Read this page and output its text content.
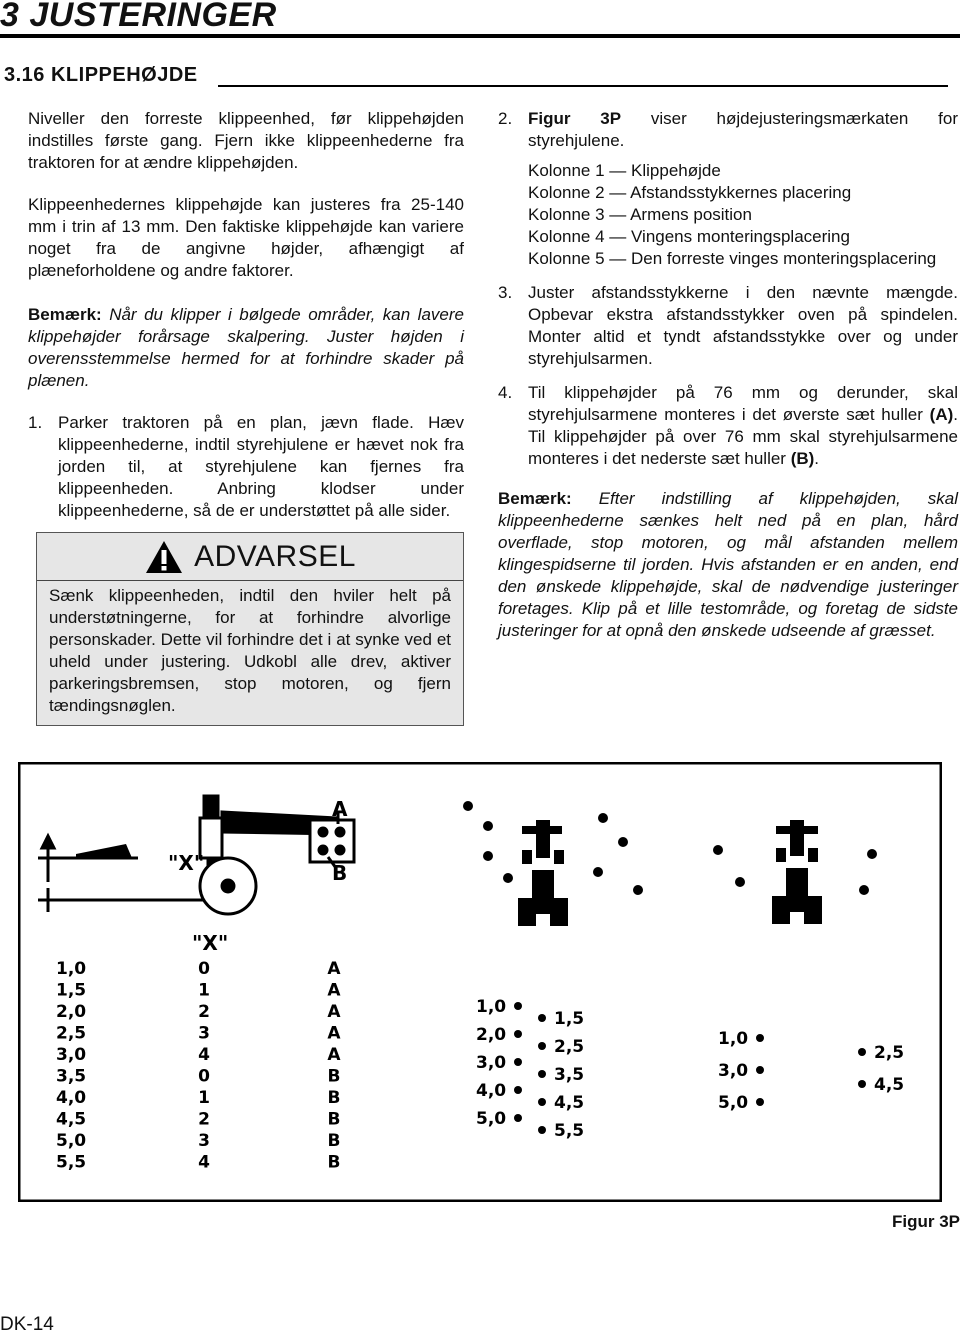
3 JUSTERINGER
3.16 KLIPPEHØJDE

Niveller den forreste klippeenhed, før klippehøjden indstilles første gang. Fjern ikke klippeenhederne fra traktoren for at ændre klippehøjden.

Klippeenhedernes klippehøjde kan justeres fra 25-140 mm i trin af 13 mm. Den faktiske klippehøjde kan variere noget fra de angivne højder, afhængigt af plæneforholdene og andre faktorer.

Bemærk: Når du klipper i bølgede områder, kan lavere klippehøjder forårsage skalpering. Juster højden i overensstemmelse hermed for at forhindre skader på plænen.

1. Parker traktoren på en plan, jævn flade. Hæv klippeenhederne, indtil styrehjulene er hævet nok fra jorden til, at styrehjulene kan fjernes fra klippeenheden. Anbring klodser under klippeenhederne, så de er understøttet på alle sider.
ADVARSEL
Sænk klippeenheden, indtil den hviler helt på understøtningerne, for at forhindre alvorlige personskader. Dette vil forhindre det i at synke ved et uheld under justering. Udkobl alle drev, aktiver parkeringsbremsen, stop motoren, og fjern tændingsnøglen.
2. Figur 3P viser højdejusteringsmærkaten for styrehjulene.
Kolonne 1 — Klippehøjde
Kolonne 2 — Afstandsstykkernes placering
Kolonne 3 — Armens position
Kolonne 4 — Vingens monteringsplacering
Kolonne 5 — Den forreste vinges monteringsplacering
3. Juster afstandsstykkerne i den nævnte mængde. Opbevar ekstra afstandsstykker oven på spindelen. Monter altid et tyndt afstandsstykke over og under styrehjulsarmen.
4. Til klippehøjder på 76 mm og derunder, skal styrehjulsarmene monteres i det øverste sæt huller (A). Til klippehøjder på over 76 mm skal styrehjulsarmene monteres i det nederste sæt huller (B).

Bemærk: Efter indstilling af klippehøjden, skal klippeenhederne sænkes helt ned på en plan, hård overflade, stop motoren, og mål afstanden mellem klingespidserne til jorden. Hvis afstanden er en anden, end den ønskede klippehøjde, skal de nødvendige justeringer foretages. Klip på et lille testområde, og foretag de sidste justeringer for at opnå den ønskede udseende af græsset.

A
B
"X"
"X"
1,0	0	A
1,5	1	A
2,0	2	A
2,5	3	A
3,0	4	A
3,5	0	B
4,0	1	B
4,5	2	B
5,0	3	B
5,5	4	B
1,0
2,0
3,0
4,0
5,0
1,5
2,5
3,5
4,5
5,5
1,0
3,0
5,0
2,5
4,5
Figur 3P
DK-14
